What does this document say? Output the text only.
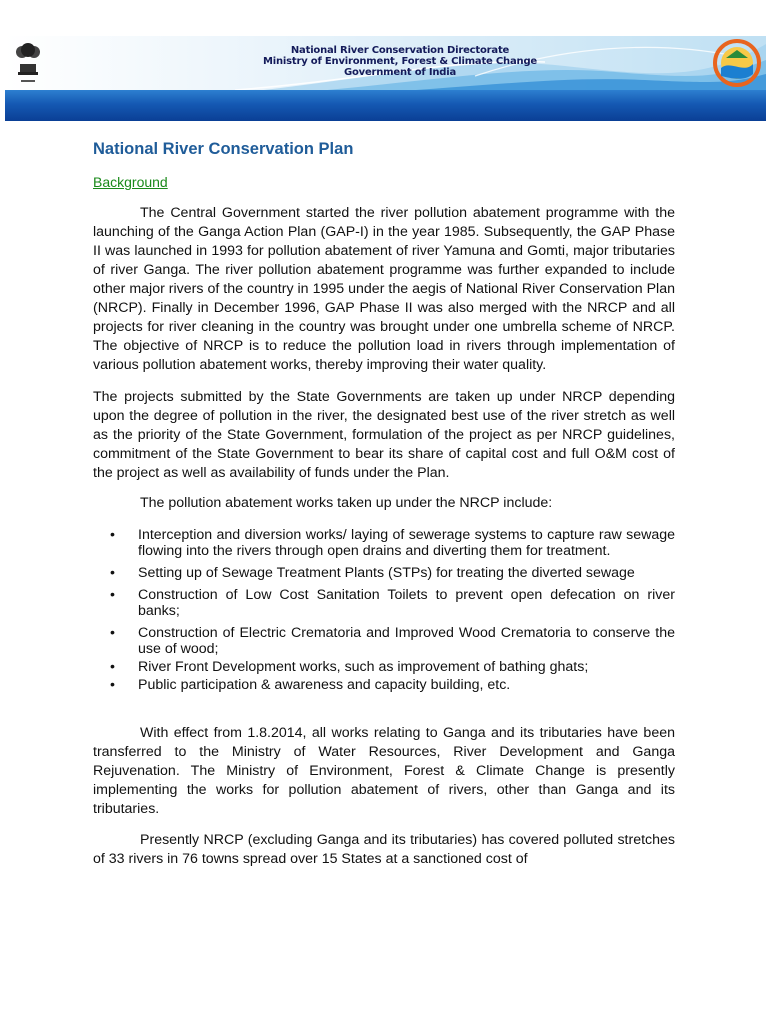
National River Conservation Directorate
Ministry of Environment, Forest & Climate Change
Government of India
National River Conservation Plan
Background

The Central Government started the river pollution abatement programme with the launching of the Ganga Action Plan (GAP-I) in the year 1985. Subsequently, the GAP Phase II was launched in 1993 for pollution abatement of river Yamuna and Gomti, major tributaries of river Ganga. The river pollution abatement programme was further expanded to include other major rivers of the country in 1995 under the aegis of National River Conservation Plan (NRCP). Finally in December 1996, GAP Phase II was also merged with the NRCP and all projects for river cleaning in the country was brought under one umbrella scheme of NRCP. The objective of NRCP is to reduce the pollution load in rivers through implementation of various pollution abatement works, thereby improving their water quality.

The projects submitted by the State Governments are taken up under NRCP depending upon the degree of pollution in the river, the designated best use of the river stretch as well as the priority of the State Government, formulation of the project as per NRCP guidelines, commitment of the State Government to bear its share of capital cost and full O&M cost of the project as well as availability of funds under the Plan.

The pollution abatement works taken up under the NRCP include:

• Interception and diversion works/ laying of sewerage systems to capture raw sewage flowing into the rivers through open drains and diverting them for treatment.
• Setting up of Sewage Treatment Plants (STPs) for treating the diverted sewage
• Construction of Low Cost Sanitation Toilets to prevent open defecation on river banks;
• Construction of Electric Crematoria and Improved Wood Crematoria to conserve the use of wood;
• River Front Development works, such as improvement of bathing ghats;
• Public participation & awareness and capacity building, etc.

With effect from 1.8.2014, all works relating to Ganga and its tributaries have been transferred to the Ministry of Water Resources, River Development and Ganga Rejuvenation. The Ministry of Environment, Forest & Climate Change is presently implementing the works for pollution abatement of rivers, other than Ganga and its tributaries.

Presently NRCP (excluding Ganga and its tributaries) has covered polluted stretches of 33 rivers in 76 towns spread over 15 States at a sanctioned cost of
